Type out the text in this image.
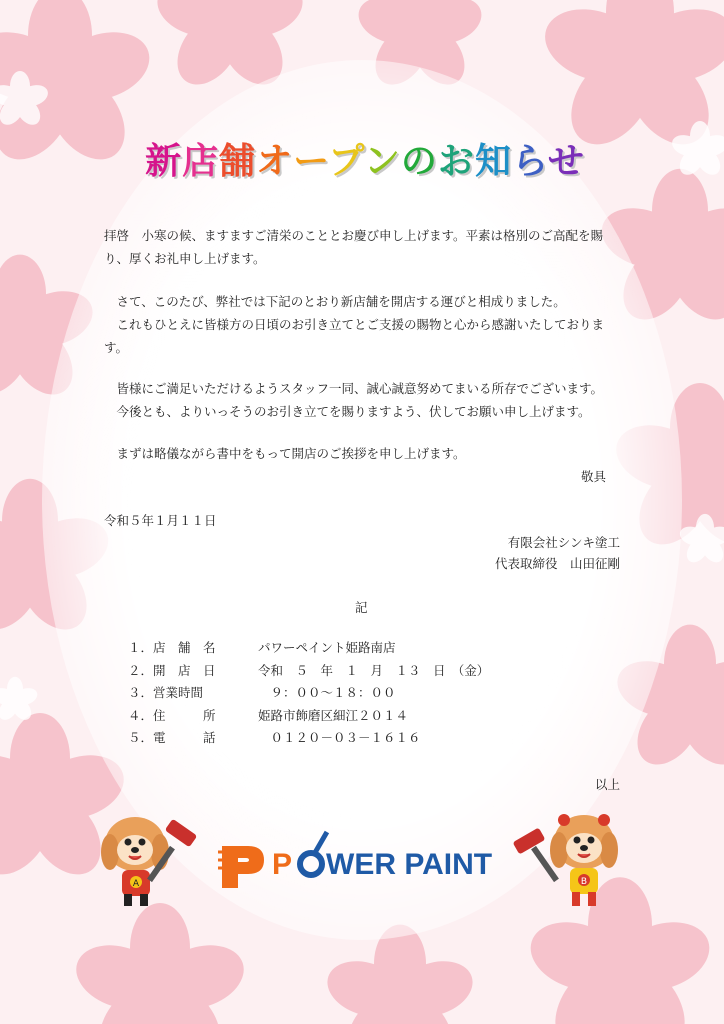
新店舗オープンのお知らせ

拝啓　小寒の候、ますますご清栄のこととお慶び申し上げます。平素は格別のご高配を賜り、厚くお礼申し上げます。

　さて、このたび、弊社では下記のとおり新店舗を開店する運びと相成りました。

　これもひとえに皆様方の日頃のお引き立てとご支援の賜物と心から感謝いたしております。

　皆様にご満足いただけるようスタッフ一同、誠心誠意努めてまいる所存でございます。

　今後とも、よりいっそうのお引き立てを賜りますよう、伏してお願い申し上げます。

　まずは略儀ながら書中をもって開店のご挨拶を申し上げます。

敬具
令和５年１月１１日
有限会社シンキ塗工
代表取締役　山田征剛
記
１．店　舗　名	パワーペイント姫路南店
２．開　店　日	令和　５　年　１　月　１３　日　（金）
３．営業時間	　９：００～１８：００
４．住　　　所	姫路市飾磨区細江２０１４
５．電　　　話	　０１２０－０３－１６１６
以上
A
P WER PAINT
B
